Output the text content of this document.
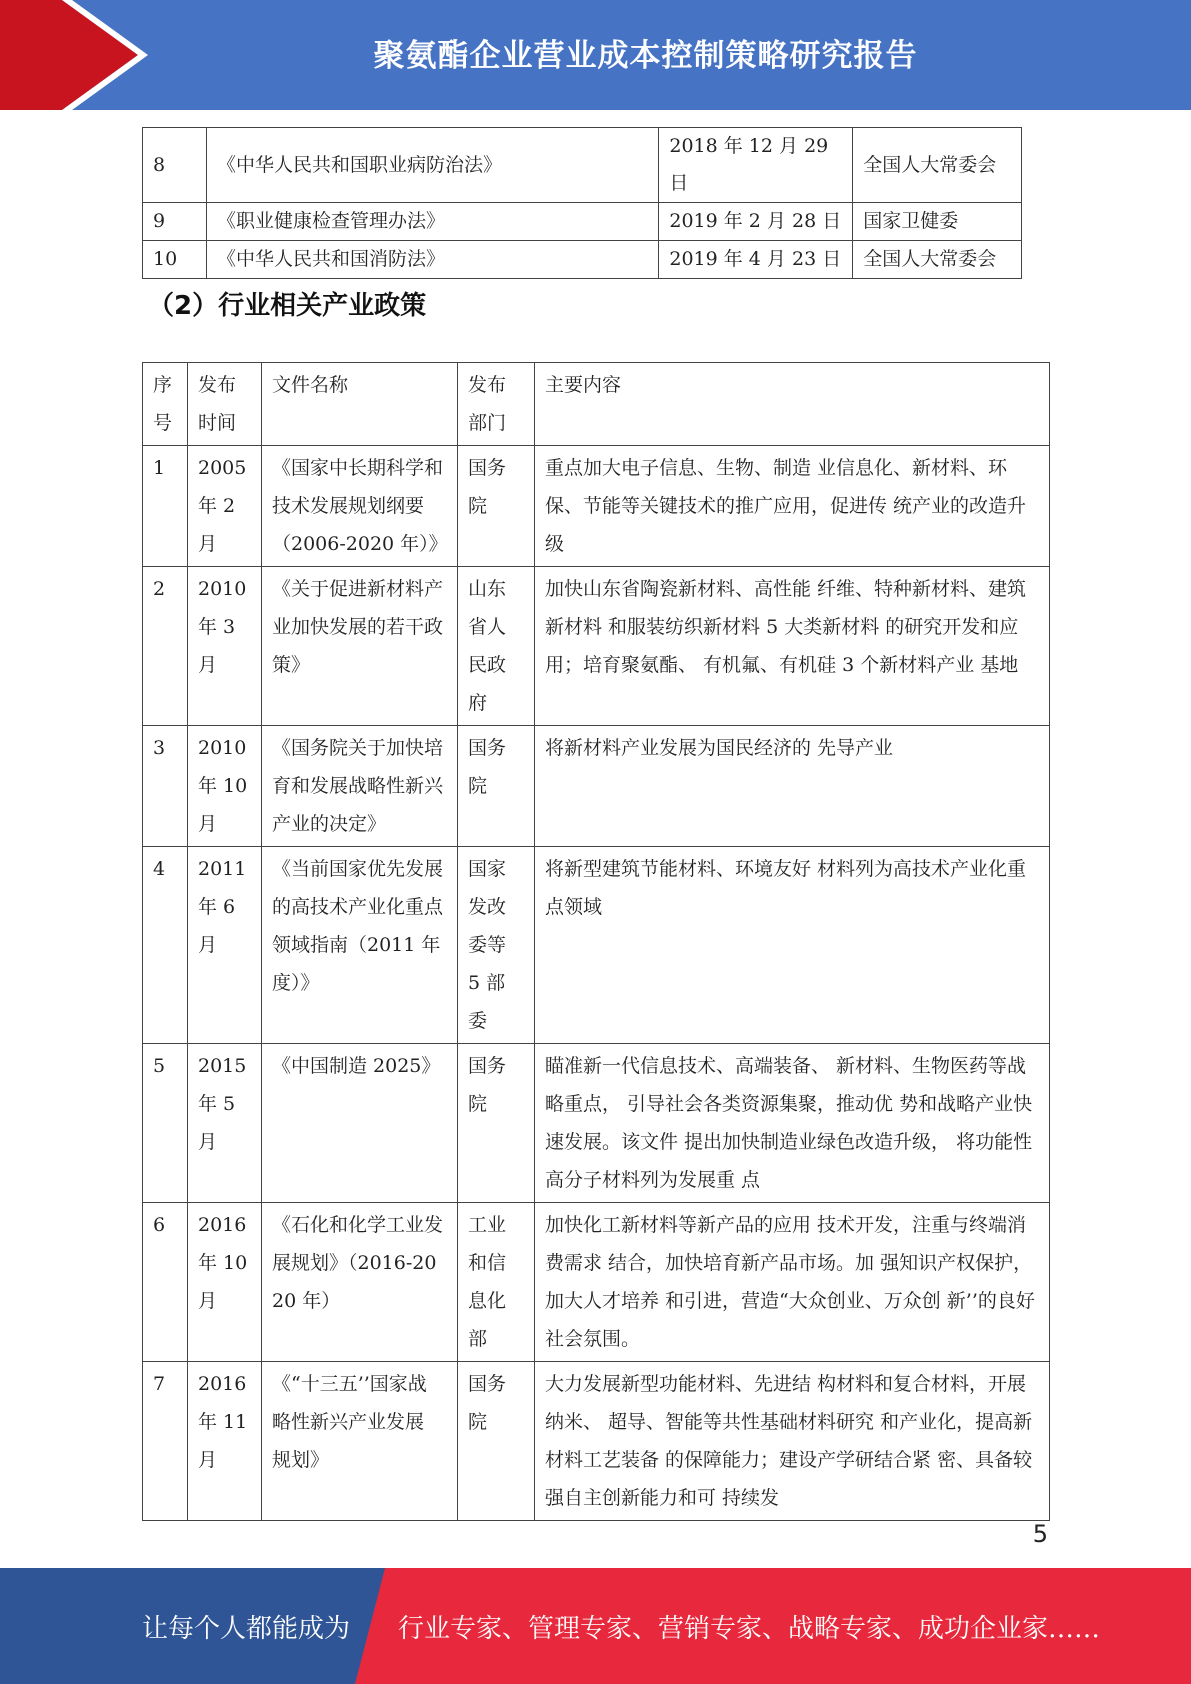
聚氨酯企业营业成本控制策略研究报告
8	《中华人民共和国职业病防治法》	2018 年 12 月 29 日	全国人大常委会
9	《职业健康检查管理办法》	2019 年 2 月 28 日	国家卫健委
10	《中华人民共和国消防法》	2019 年 4 月 23 日	全国人大常委会
（2）行业相关产业政策
序号	发布时间	文件名称	发布部门	主要内容
1	2005 年 2 月	《国家中长期科学和技术发展规划纲要（2006-2020 年）》	国务院	重点加大电子信息、生物、制造 业信息化、新材料、环保、节能等关键技术的推广应用，促进传 统产业的改造升级
2	2010 年 3 月	《关于促进新材料产业加快发展的若干政策》	山东省人民政府	加快山东省陶瓷新材料、高性能 纤维、特种新材料、建筑新材料 和服装纺织新材料 5 大类新材料 的研究开发和应用；培育聚氨酯、 有机氟、有机硅 3 个新材料产业 基地
3	2010 年 10 月	《国务院关于加快培育和发展战略性新兴产业的决定》	国务院	将新材料产业发展为国民经济的 先导产业
4	2011 年 6 月	《当前国家优先发展的高技术产业化重点领域指南（2011 年度）》	国家发改委等 5 部委	将新型建筑节能材料、环境友好 材料列为高技术产业化重点领域
5	2015 年 5 月	《中国制造 2025》	国务院	瞄准新一代信息技术、高端装备、 新材料、生物医药等战略重点， 引导社会各类资源集聚，推动优 势和战略产业快速发展。该文件 提出加快制造业绿色改造升级， 将功能性高分子材料列为发展重 点
6	2016 年 10 月	《石化和化学工业发展规划》（2016-2020 年）	工业和信息化部	加快化工新材料等新产品的应用 技术开发，注重与终端消费需求 结合，加快培育新产品市场。加 强知识产权保护，加大人才培养 和引进，营造“大众创业、万众创 新’’的良好社会氛围。
7	2016 年 11 月	《“十三五’’国家战 略性新兴产业发展 规划》	国务院	大力发展新型功能材料、先进结 构材料和复合材料，开展纳米、 超导、智能等共性基础材料研究 和产业化，提高新材料工艺装备 的保障能力；建设产学研结合紧 密、具备较强自主创新能力和可 持续发
5
让每个人都能成为 行业专家、管理专家、营销专家、战略专家、成功企业家……
